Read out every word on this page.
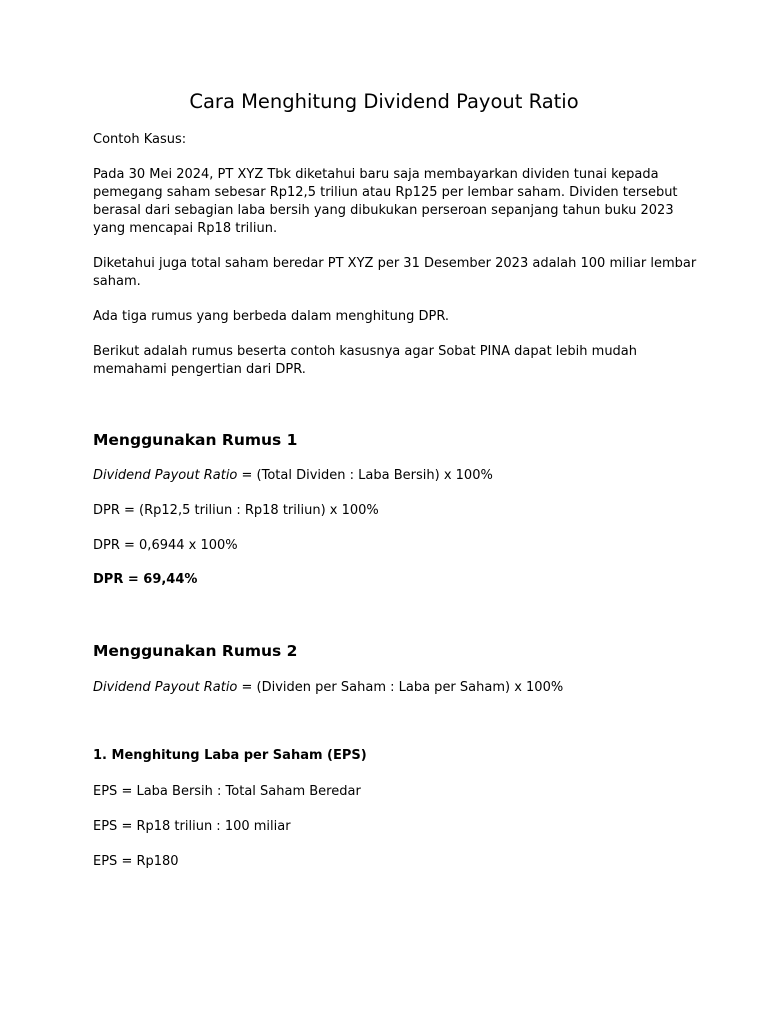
Cara Menghitung Dividend Payout Ratio

Contoh Kasus:

Pada 30 Mei 2024, PT XYZ Tbk diketahui baru saja membayarkan dividen tunai kepada

pemegang saham sebesar Rp12,5 triliun atau Rp125 per lembar saham. Dividen tersebut

berasal dari sebagian laba bersih yang dibukukan perseroan sepanjang tahun buku 2023

yang mencapai Rp18 triliun.

Diketahui juga total saham beredar PT XYZ per 31 Desember 2023 adalah 100 miliar lembar

saham.

Ada tiga rumus yang berbeda dalam menghitung DPR.

Berikut adalah rumus beserta contoh kasusnya agar Sobat PINA dapat lebih mudah

memahami pengertian dari DPR.

Menggunakan Rumus 1

Dividend Payout Ratio = (Total Dividen : Laba Bersih) x 100%

DPR = (Rp12,5 triliun : Rp18 triliun) x 100%

DPR = 0,6944 x 100%

DPR = 69,44%

Menggunakan Rumus 2

Dividend Payout Ratio = (Dividen per Saham : Laba per Saham) x 100%

1. Menghitung Laba per Saham (EPS)

EPS = Laba Bersih : Total Saham Beredar

EPS = Rp18 triliun : 100 miliar

EPS = Rp180
